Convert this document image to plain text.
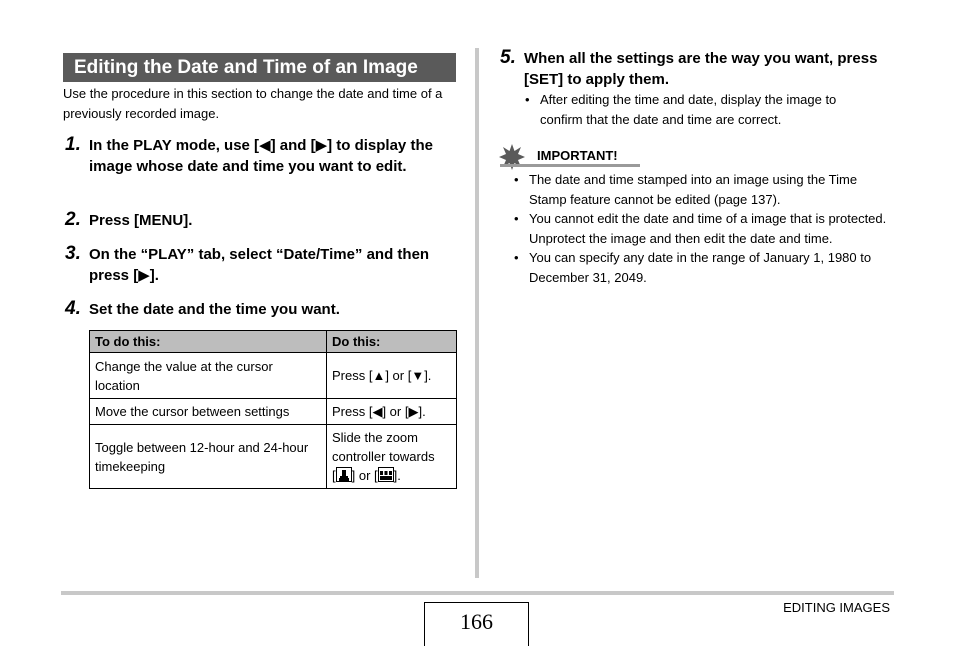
Editing the Date and Time of an Image
Use the procedure in this section to change the date and time of a previously recorded image.
1. In the PLAY mode, use [◀] and [▶] to display the image whose date and time you want to edit.
2. Press [MENU].
3. On the “PLAY” tab, select “Date/Time” and then press [▶].
4. Set the date and the time you want.
To do this:	Do this:
Change the value at the cursor location	Press [▲] or [▼].
Move the cursor between settings	Press [◀] or [▶].
Toggle between 12-hour and 24-hour timekeeping	Slide the zoom controller towards
[ ] or [ ].
5. When all the settings are the way you want, press [SET] to apply them.
• After editing the time and date, display the image to confirm that the date and time are correct.
IMPORTANT!
• The date and time stamped into an image using the Time Stamp feature cannot be edited (page 137).
• You cannot edit the date and time of a image that is protected. Unprotect the image and then edit the date and time.
• You can specify any date in the range of January 1, 1980 to December 31, 2049.
166
EDITING IMAGES
